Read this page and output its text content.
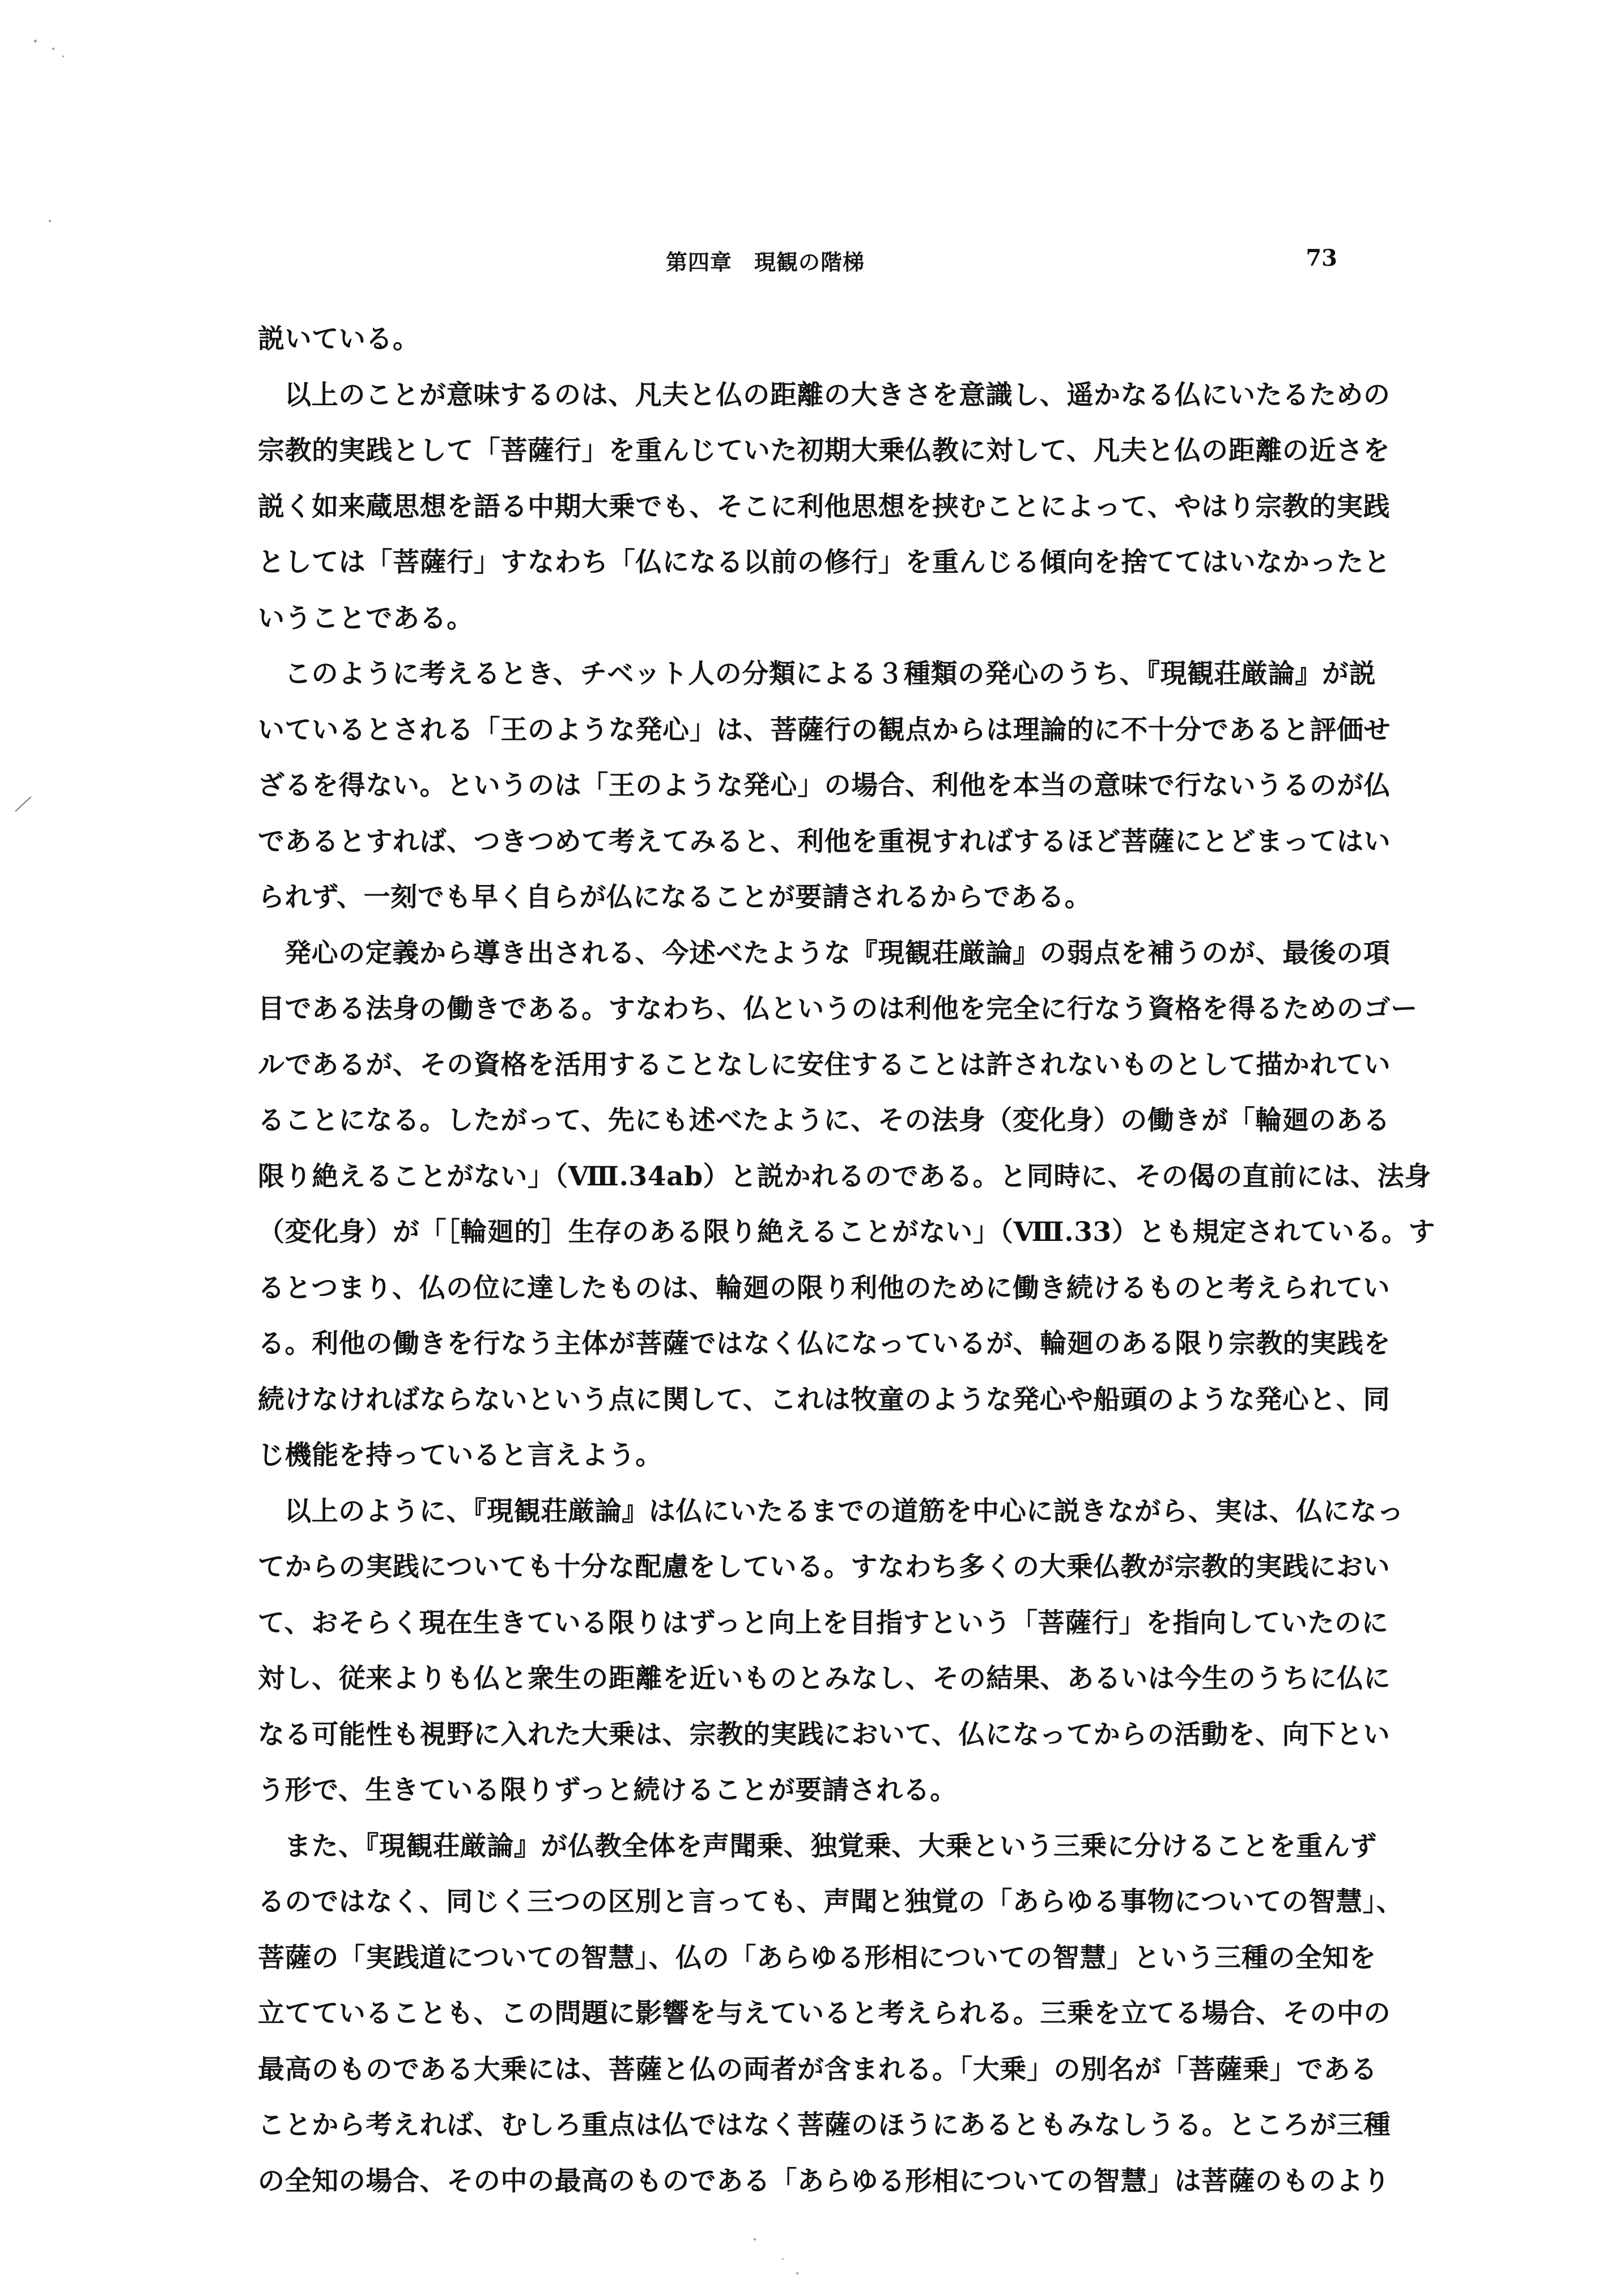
第四章　現観の階梯	73
説いている。
以上のことが意味するのは、凡夫と仏の距離の大きさを意識し、遥かなる仏にいたるための
宗教的実践として「菩薩行」を重んじていた初期大乗仏教に対して、凡夫と仏の距離の近さを
説く如来蔵思想を語る中期大乗でも、そこに利他思想を挟むことによって、やはり宗教的実践
としては「菩薩行」すなわち「仏になる以前の修行」を重んじる傾向を捨ててはいなかったと
いうことである。
このように考えるとき、チベット人の分類による３種類の発心のうち、『現観荘厳論』が説
いているとされる「王のような発心」は、菩薩行の観点からは理論的に不十分であると評価せ
ざるを得ない。というのは「王のような発心」の場合、利他を本当の意味で行ないうるのが仏
であるとすれば、つきつめて考えてみると、利他を重視すればするほど菩薩にとどまってはい
られず、一刻でも早く自らが仏になることが要請されるからである。
発心の定義から導き出される、今述べたような『現観荘厳論』の弱点を補うのが、最後の項
目である法身の働きである。すなわち、仏というのは利他を完全に行なう資格を得るためのゴー
ルであるが、その資格を活用することなしに安住することは許されないものとして描かれてい
ることになる。したがって、先にも述べたように、その法身（変化身）の働きが「輪廻のある
限り絶えることがない」（Ⅷ.34ab）と説かれるのである。と同時に、その偈の直前には、法身
（変化身）が「［輪廻的］生存のある限り絶えることがない」（Ⅷ.33）とも規定されている。す
るとつまり、仏の位に達したものは、輪廻の限り利他のために働き続けるものと考えられてい
る。利他の働きを行なう主体が菩薩ではなく仏になっているが、輪廻のある限り宗教的実践を
続けなければならないという点に関して、これは牧童のような発心や船頭のような発心と、同
じ機能を持っていると言えよう。
以上のように、『現観荘厳論』は仏にいたるまでの道筋を中心に説きながら、実は、仏になっ
てからの実践についても十分な配慮をしている。すなわち多くの大乗仏教が宗教的実践におい
て、おそらく現在生きている限りはずっと向上を目指すという「菩薩行」を指向していたのに
対し、従来よりも仏と衆生の距離を近いものとみなし、その結果、あるいは今生のうちに仏に
なる可能性も視野に入れた大乗は、宗教的実践において、仏になってからの活動を、向下とい
う形で、生きている限りずっと続けることが要請される。
また、『現観荘厳論』が仏教全体を声聞乗、独覚乗、大乗という三乗に分けることを重んず
るのではなく、同じく三つの区別と言っても、声聞と独覚の「あらゆる事物についての智慧」、
菩薩の「実践道についての智慧」、仏の「あらゆる形相についての智慧」という三種の全知を
立てていることも、この問題に影響を与えていると考えられる。三乗を立てる場合、その中の
最高のものである大乗には、菩薩と仏の両者が含まれる。「大乗」の別名が「菩薩乗」である
ことから考えれば、むしろ重点は仏ではなく菩薩のほうにあるともみなしうる。ところが三種
の全知の場合、その中の最高のものである「あらゆる形相についての智慧」は菩薩のものより
